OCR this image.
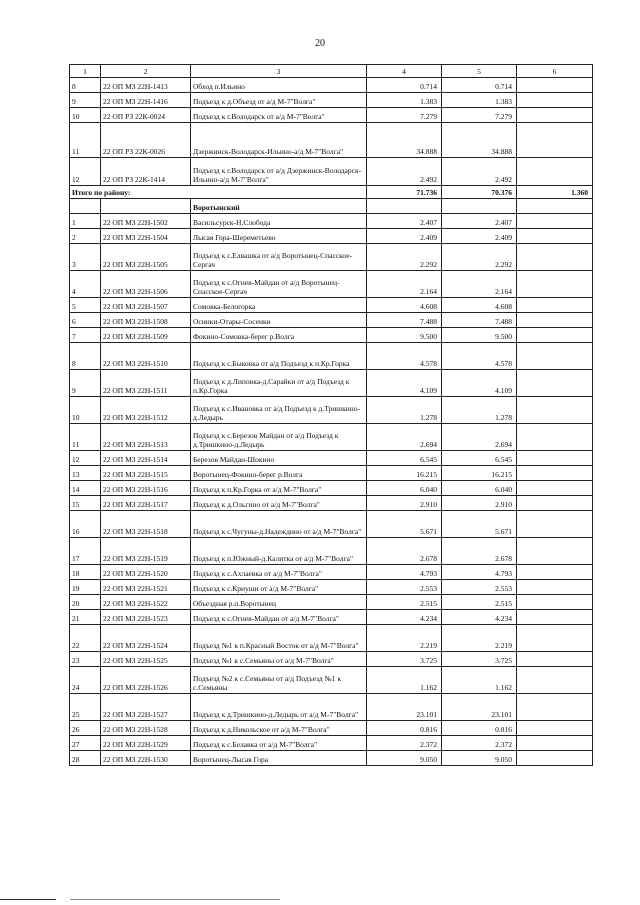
20
1	2	3	4	5	6
8	22 ОП МЗ 22Н-1413	Обход п.Ильино	0.714	0.714	
9	22 ОП МЗ 22Н-1416	Подъезд к д.Объезд от а/д М-7"Волга"	1.383	1.383	
10	22 ОП РЗ 22К-0024	Подъезд к г.Володарск от а/д М-7"Волга"	7.279	7.279	
11	22 ОП РЗ 22К-0026	Дзержинск-Володарск-Ильино-а/д М-7"Волга"	34.888	34.888	
12	22 ОП РЗ 22К-1414	Подъезд к г.Володарск от а/д Дзержинск-Володарск-Ильино-а/д М-7"Волга"	2.492	2.492	
Итого по району:			71.736	70.376	1.360
		Воротынский			
1	22 ОП МЗ 22Н-1502	Васильсурск-Н.Слобода	2.407	2.407	
2	22 ОП МЗ 22Н-1504	Лысая Гора-Шереметьево	2.409	2.409	
3	22 ОП МЗ 22Н-1505	Подъезд к с.Елвашка от а/д Воротынец-Спасское-Сергач	2.292	2.292	
4	22 ОП МЗ 22Н-1506	Подъезд к с.Огнев-Майдан от а/д Воротынец-Спасское-Сергач	2.164	2.164	
5	22 ОП МЗ 22Н-1507	Сомовка-Белогорка	4.608	4.608	
6	22 ОП МЗ 22Н-1508	Осинки-Отары-Сосенки	7.488	7.488	
7	22 ОП МЗ 22Н-1509	Фокино-Сомовка-берег р.Волга	9.500	9.500	
8	22 ОП МЗ 22Н-1510	Подъезд к с.Быковка от а/д Подъезд к п.Кр.Горка	4.578	4.578	
9	22 ОП МЗ 22Н-1511	Подъезд к д.Липовка-д.Сарайки от а/д Подъезд к п.Кр.Горка	4.109	4.109	
10	22 ОП МЗ 22Н-1512	Подъезд к с.Ивановка от а/д Подъезд к д.Тришкино-д.Ледырь	1.278	1.278	
11	22 ОП МЗ 22Н-1513	Подъезд к с.Березов Майдан от а/д Подъезд к д.Тришкино-д.Ледырь	2.694	2.694	
12	22 ОП МЗ 22Н-1514	Березов Майдан-Шокино	6.545	6.545	
13	22 ОП МЗ 22Н-1515	Воротынец-Фокино-берег р.Волга	16.215	16.215	
14	22 ОП МЗ 22Н-1516	Подъезд к п.Кр.Горка от а/д М-7"Волга"	6.040	6.040	
15	22 ОП МЗ 22Н-1517	Подъезд к д.Ольгино от а/д М-7"Волга"	2.910	2.910	
16	22 ОП МЗ 22Н-1518	Подъезд к с.Чугуны-д.Надеждино от а/д М-7"Волга"	5.671	5.671	
17	22 ОП МЗ 22Н-1519	Подъезд к п.Южный-д.Калитка от а/д М-7"Волга"	2.678	2.678	
18	22 ОП МЗ 22Н-1520	Подъезд к с.Ахлаевка от а/д М-7"Волга"	4.793	4.793	
19	22 ОП МЗ 22Н-1521	Подъезд к с.Криуши от а/д М-7"Волга"	2.553	2.553	
20	22 ОП МЗ 22Н-1522	Объездная р.п.Воротынец	2.515	2.515	
21	22 ОП МЗ 22Н-1523	Подъезд к с.Огнев-Майдан от а/д М-7"Волга"	4.234	4.234	
22	22 ОП МЗ 22Н-1524	Подъезд №1 к п.Красный Восток от а/д М-7"Волга"	2.219	2.219	
23	22 ОП МЗ 22Н-1525	Подъезд №1 к с.Семьяны от а/д М-7"Волга"	3.725	3.725	
24	22 ОП МЗ 22Н-1526	Подъезд №2 к с.Семьяны от а/д Подъезд №1 к с.Семьяны	1.162	1.162	
25	22 ОП МЗ 22Н-1527	Подъезд к д.Тришкино-д.Ледырь от а/д М-7"Волга"	23.101	23.101	
26	22 ОП МЗ 22Н-1528	Подъезд к д.Никольское от а/д М-7"Волга"	0.816	0.816	
27	22 ОП МЗ 22Н-1529	Подъезд к с.Белавка от а/д М-7"Волга"	2.372	2.372	
28	22 ОП МЗ 22Н-1530	Воротынец-Лысая Гора	9.050	9.050	
